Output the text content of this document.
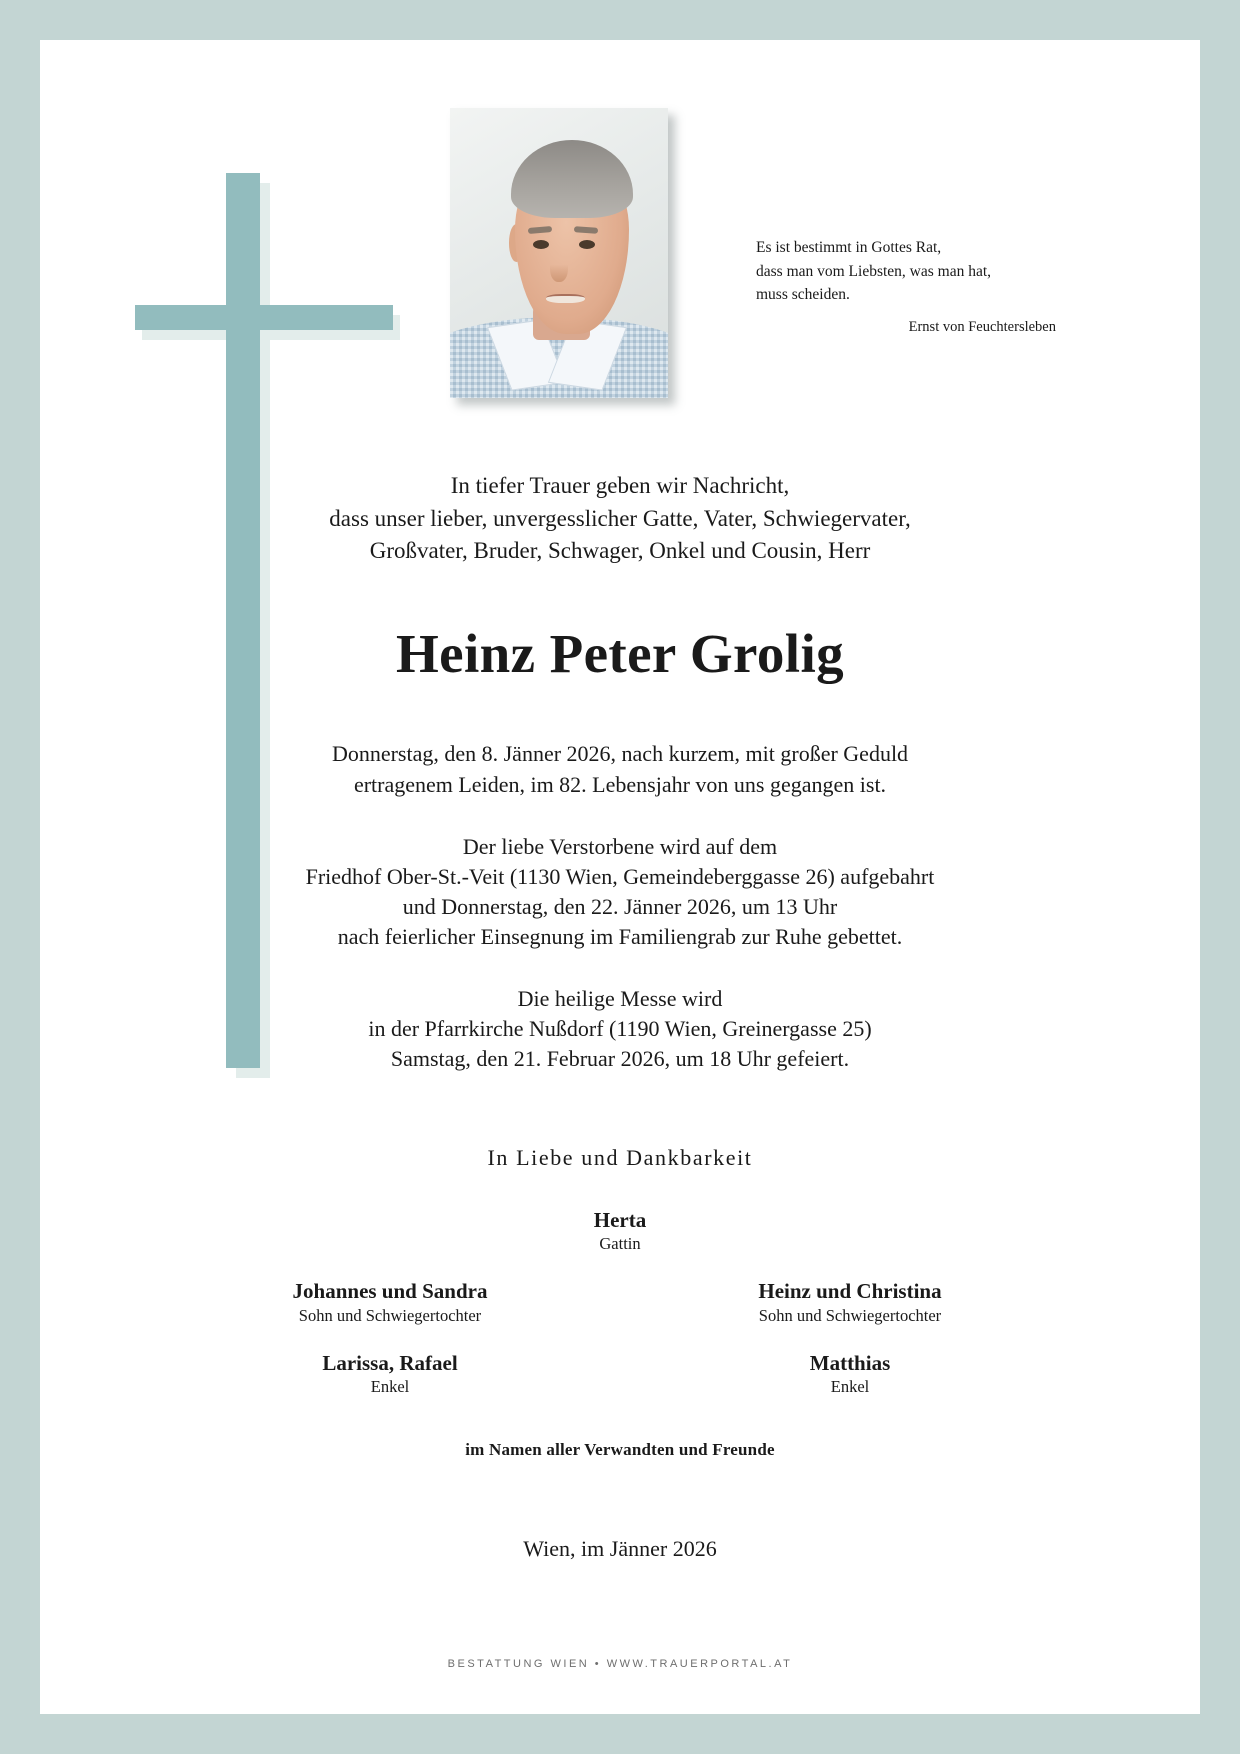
Es ist bestimmt in Gottes Rat,
dass man vom Liebsten, was man hat,
muss scheiden.
Ernst von Feuchtersleben
In tiefer Trauer geben wir Nachricht,
dass unser lieber, unvergesslicher Gatte, Vater, Schwiegervater,
Großvater, Bruder, Schwager, Onkel und Cousin, Herr
Heinz Peter Grolig
Donnerstag, den 8. Jänner 2026, nach kurzem, mit großer Geduld
ertragenem Leiden, im 82. Lebensjahr von uns gegangen ist.
Der liebe Verstorbene wird auf dem
Friedhof Ober-St.-Veit (1130 Wien, Gemeindeberggasse 26) aufgebahrt
und Donnerstag, den 22. Jänner 2026, um 13 Uhr
nach feierlicher Einsegnung im Familiengrab zur Ruhe gebettet.
Die heilige Messe wird
in der Pfarrkirche Nußdorf (1190 Wien, Greinergasse 25)
Samstag, den 21. Februar 2026, um 18 Uhr gefeiert.
In Liebe und Dankbarkeit
Herta
Gattin
Johannes und Sandra
Sohn und Schwiegertochter
Heinz und Christina
Sohn und Schwiegertochter
Larissa, Rafael
Enkel
Matthias
Enkel
im Namen aller Verwandten und Freunde
Wien, im Jänner 2026
BESTATTUNG WIEN • WWW.TRAUERPORTAL.AT
